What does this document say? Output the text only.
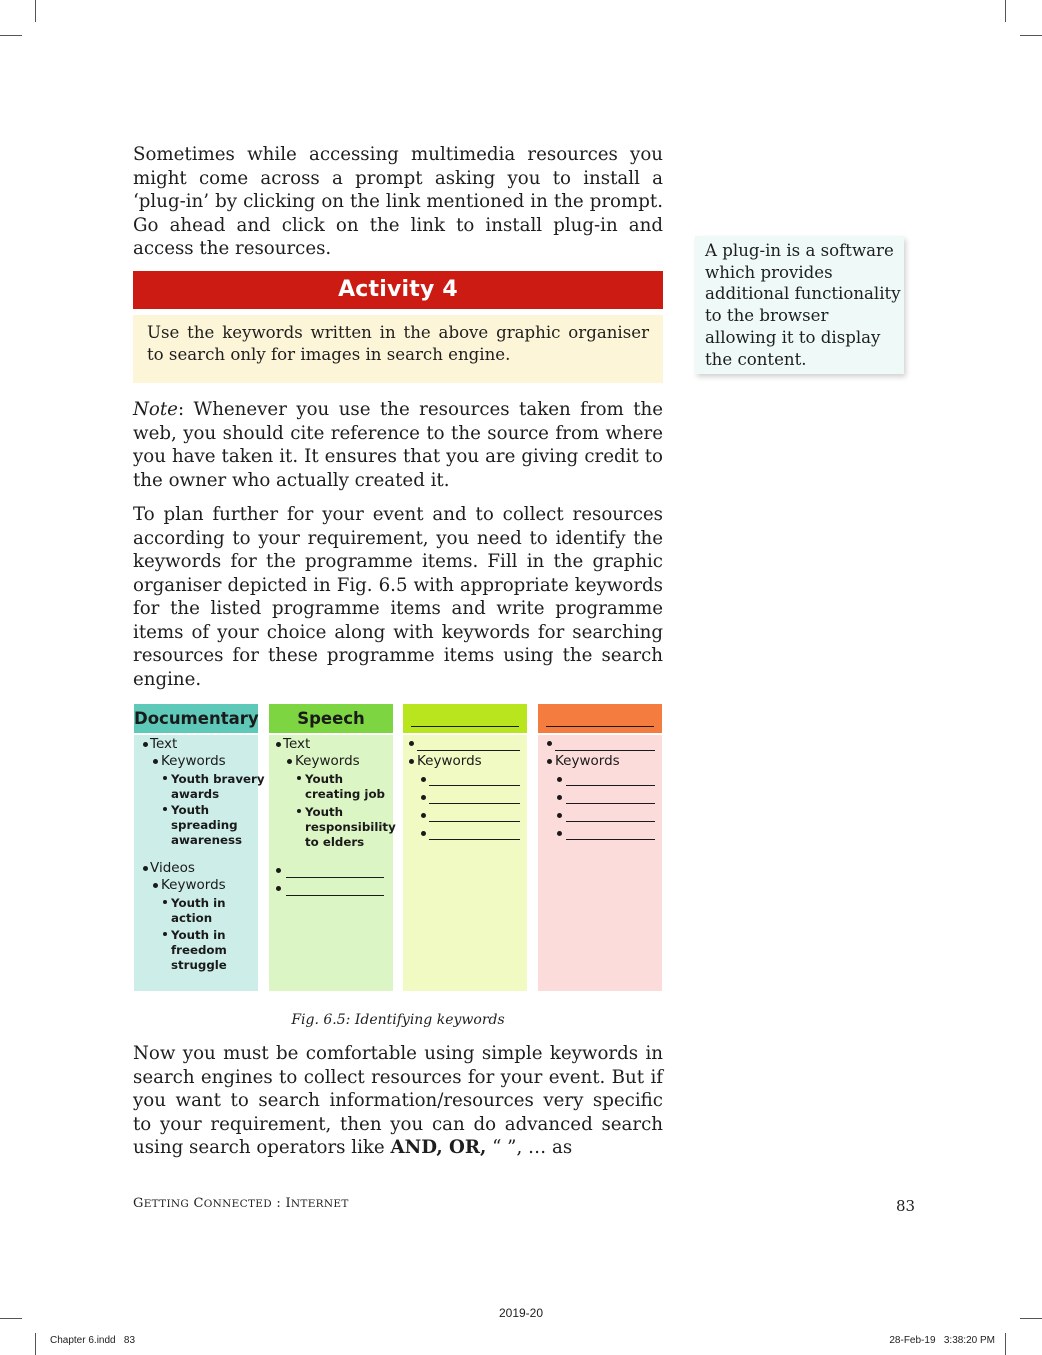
Sometimes while accessing multimedia resources you might come across a prompt asking you to install a ‘plug-in’ by clicking on the link mentioned in the prompt. Go ahead and click on the link to install plug-in and access the resources.	A plug-in is a software which provides additional functionality to the browser allowing it to display the content.
Activity 4
Use the keywords written in the above graphic organiser to search only for images in search engine.

Note: Whenever you use the resources taken from the web, you should cite reference to the source from where you have taken it. It ensures that you are giving credit to the owner who actually created it.

To plan further for your event and to collect resources according to your requirement, you need to identify the keywords for the programme items. Fill in the graphic organiser depicted in Fig. 6.5 with appropriate keywords for the listed programme items and write programme items of your choice along with keywords for searching resources for these programme items using the search engine.

Documentary
Text
Keywords
Youth bravery
awards
Youth
spreading
awareness
Videos
Keywords
Youth in
action
Youth in
freedom
struggle
Speech
Text
Keywords
Youth
creating job
Youth
responsibility
to elders
Keywords	Keywords
Fig. 6.5: Identifying keywords

Now you must be comfortable using simple keywords in search engines to collect resources for your event. But if you want to search information/resources very specific to your requirement, then you can do advanced search using search operators like AND, OR, “ ”, … as

GETTING CONNECTED : INTERNET	83
2019-20
Chapter 6.indd   83	28-Feb-19   3:38:20 PM
